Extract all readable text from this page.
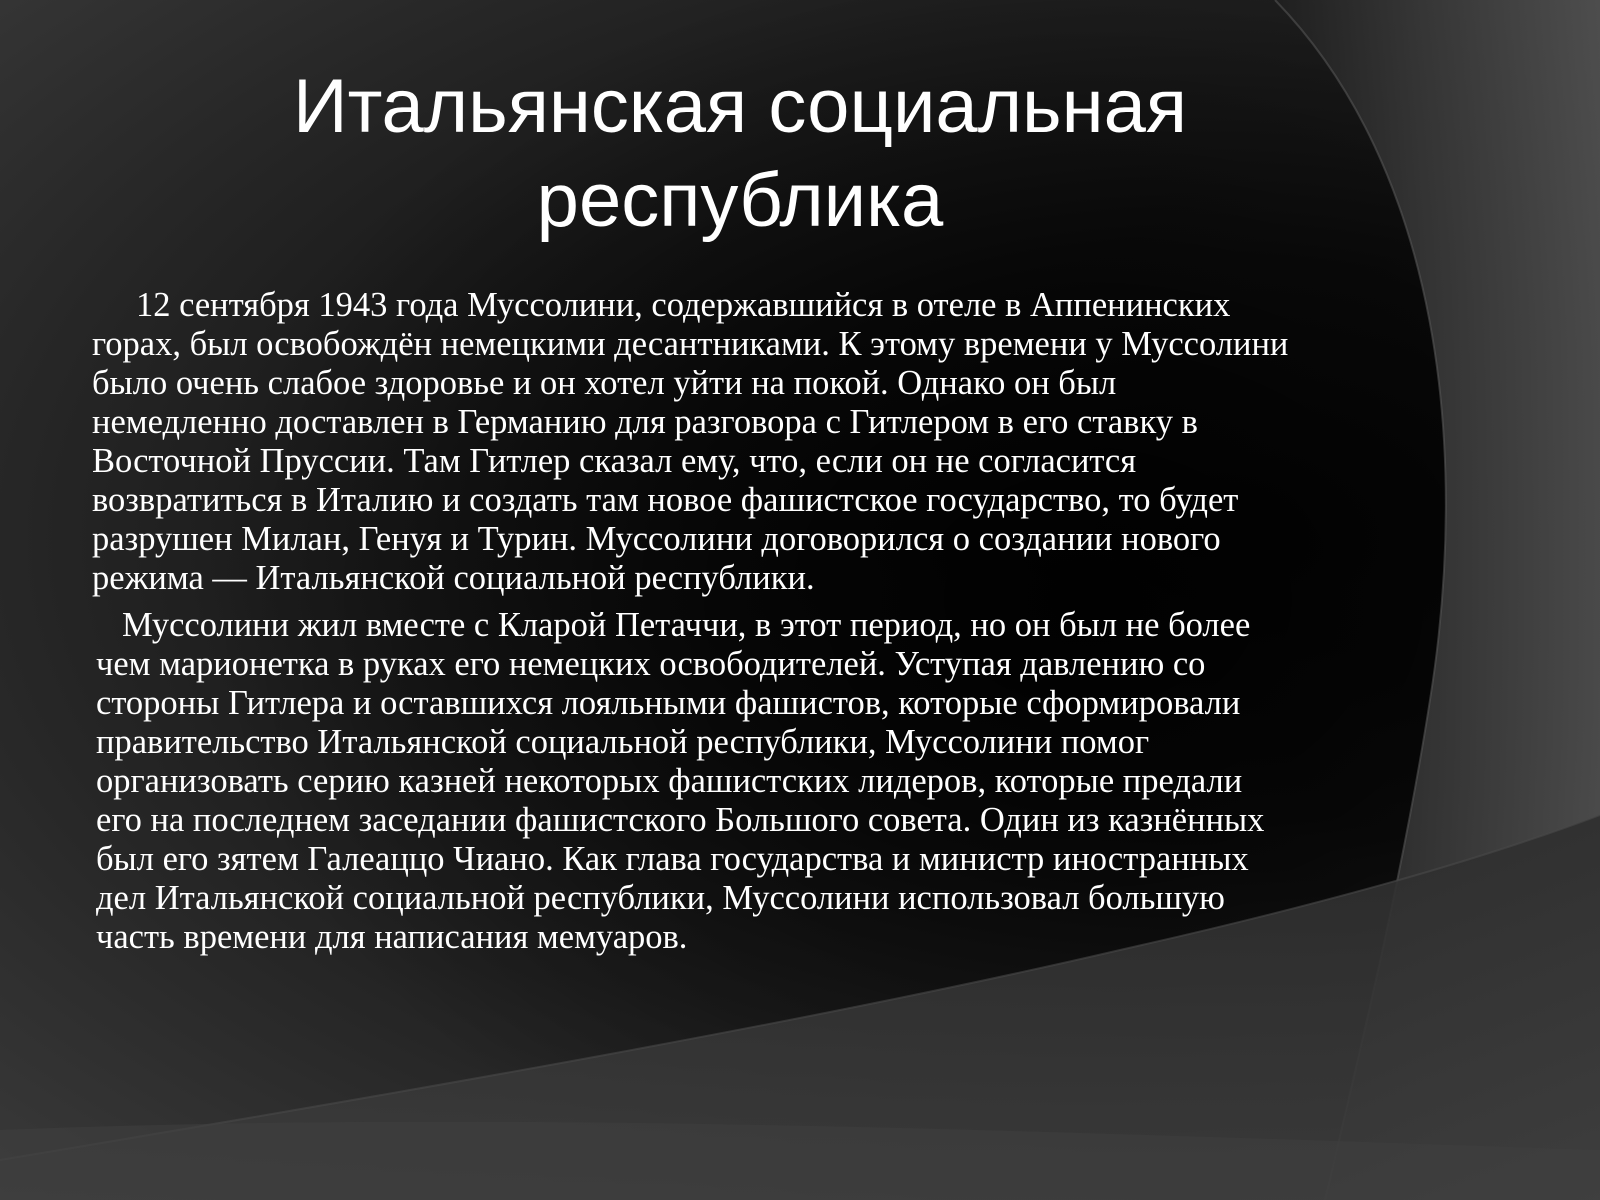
Итальянская социальная
республика

12 сентября 1943 года Муссолини, содержавшийся в отеле в Аппенинских
горах, был освобождён немецкими десантниками. К этому времени у Муссолини
было очень слабое здоровье и он хотел уйти на покой. Однако он был
немедленно доставлен в Германию для разговора с Гитлером в его ставку в
Восточной Пруссии. Там Гитлер сказал ему, что, если он не согласится
возвратиться в Италию и создать там новое фашистское государство, то будет
разрушен Милан, Генуя и Турин. Муссолини договорился о создании нового
режима — Итальянской социальной республики.

Муссолини жил вместе с Кларой Петаччи, в этот период, но он был не более
чем марионетка в руках его немецких освободителей. Уступая давлению со
стороны Гитлера и оставшихся лояльными фашистов, которые сформировали
правительство Итальянской социальной республики, Муссолини помог
организовать серию казней некоторых фашистских лидеров, которые предали
его на последнем заседании фашистского Большого совета. Один из казнённых
был его зятем Галеаццо Чиано. Как глава государства и министр иностранных
дел Итальянской социальной республики, Муссолини использовал большую
часть времени для написания мемуаров.
